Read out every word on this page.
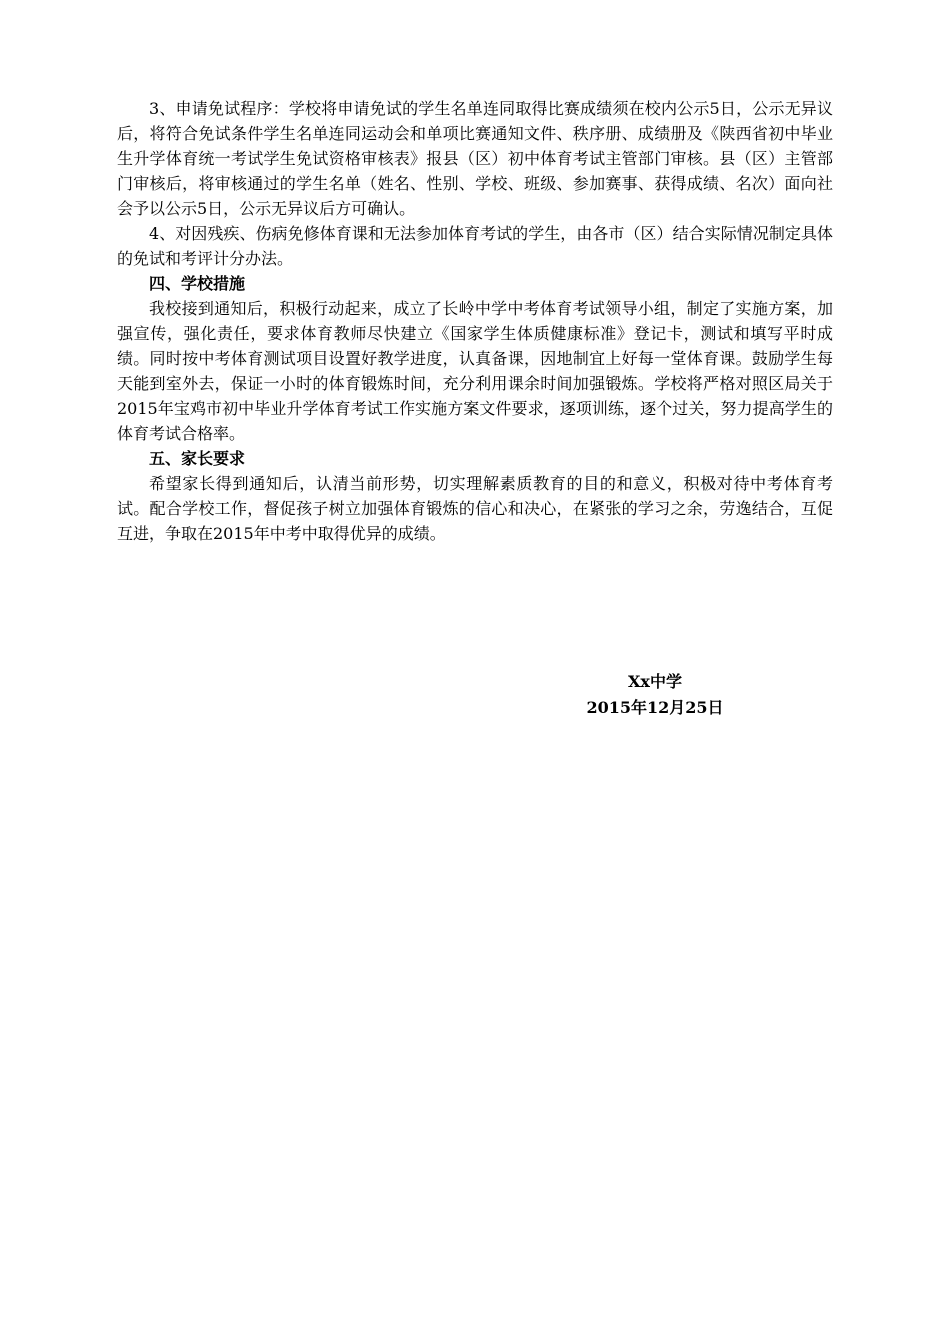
3、申请免试程序：学校将申请免试的学生名单连同取得比赛成绩须在校内公示5日，公示无异议后，将符合免试条件学生名单连同运动会和单项比赛通知文件、秩序册、成绩册及《陕西省初中毕业生升学体育统一考试学生免试资格审核表》报县（区）初中体育考试主管部门审核。县（区）主管部门审核后，将审核通过的学生名单（姓名、性别、学校、班级、参加赛事、获得成绩、名次）面向社会予以公示5日，公示无异议后方可确认。

4、对因残疾、伤病免修体育课和无法参加体育考试的学生，由各市（区）结合实际情况制定具体的免试和考评计分办法。

四、学校措施

我校接到通知后，积极行动起来，成立了长岭中学中考体育考试领导小组，制定了实施方案，加强宣传，强化责任，要求体育教师尽快建立《国家学生体质健康标准》登记卡，测试和填写平时成绩。同时按中考体育测试项目设置好教学进度，认真备课，因地制宜上好每一堂体育课。鼓励学生每天能到室外去，保证一小时的体育锻炼时间，充分利用课余时间加强锻炼。学校将严格对照区局关于2015年宝鸡市初中毕业升学体育考试工作实施方案文件要求，逐项训练，逐个过关，努力提高学生的体育考试合格率。

五、家长要求

希望家长得到通知后，认清当前形势，切实理解素质教育的目的和意义，积极对待中考体育考试。配合学校工作，督促孩子树立加强体育锻炼的信心和决心，在紧张的学习之余，劳逸结合，互促互进，争取在2015年中考中取得优异的成绩。

Xx中学
2015年12月25日
